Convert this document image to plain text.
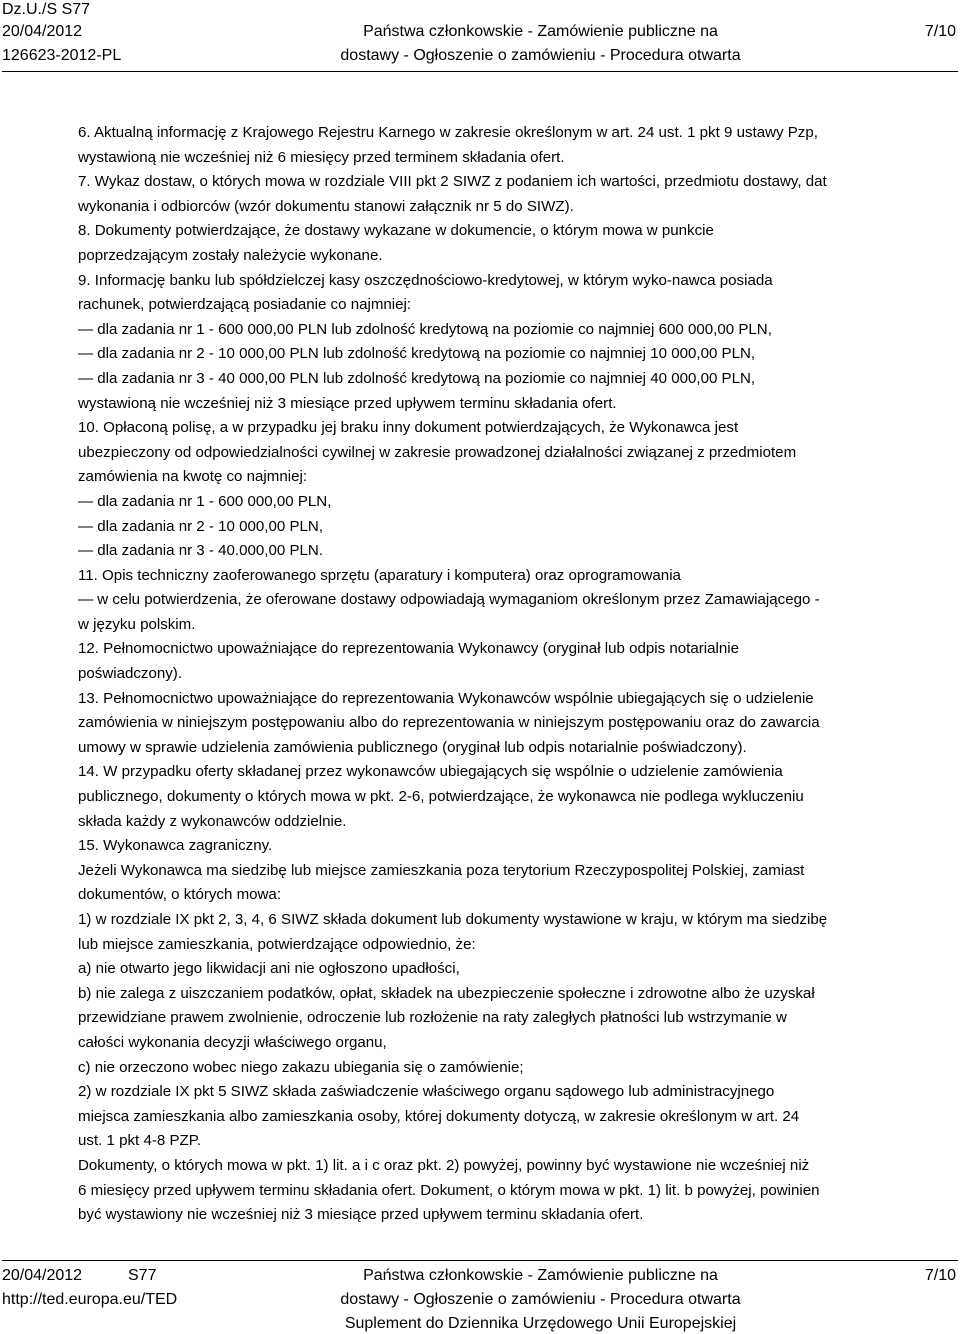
Dz.U./S S77
20/04/2012
126623-2012-PL
Państwa członkowskie - Zamówienie publiczne na
dostawy - Ogłoszenie o zamówieniu - Procedura otwarta
7/10
6. Aktualną informację z Krajowego Rejestru Karnego w zakresie określonym w art. 24 ust. 1 pkt 9 ustawy Pzp,
wystawioną nie wcześniej niż 6 miesięcy przed terminem składania ofert.
7. Wykaz dostaw, o których mowa w rozdziale VIII pkt 2 SIWZ z podaniem ich wartości, przedmiotu dostawy, dat
wykonania i odbiorców (wzór dokumentu stanowi załącznik nr 5 do SIWZ).
8. Dokumenty potwierdzające, że dostawy wykazane w dokumencie, o którym mowa w punkcie
poprzedzającym zostały należycie wykonane.
9. Informację banku lub spółdzielczej kasy oszczędnościowo-kredytowej, w którym wyko-nawca posiada
rachunek, potwierdzającą posiadanie co najmniej:
— dla zadania nr 1 - 600 000,00 PLN lub zdolność kredytową na poziomie co najmniej 600 000,00 PLN,
— dla zadania nr 2 - 10 000,00 PLN lub zdolność kredytową na poziomie co najmniej 10 000,00 PLN,
— dla zadania nr 3 - 40 000,00 PLN lub zdolność kredytową na poziomie co najmniej 40 000,00 PLN,
wystawioną nie wcześniej niż 3 miesiące przed upływem terminu składania ofert.
10. Opłaconą polisę, a w przypadku jej braku inny dokument potwierdzających, że Wykonawca jest
ubezpieczony od odpowiedzialności cywilnej w zakresie prowadzonej działalności związanej z przedmiotem
zamówienia na kwotę co najmniej:
— dla zadania nr 1 - 600 000,00 PLN,
— dla zadania nr 2 - 10 000,00 PLN,
— dla zadania nr 3 - 40.000,00 PLN.
11. Opis techniczny zaoferowanego sprzętu (aparatury i komputera) oraz oprogramowania
— w celu potwierdzenia, że oferowane dostawy odpowiadają wymaganiom określonym przez Zamawiającego -
w języku polskim.
12. Pełnomocnictwo upoważniające do reprezentowania Wykonawcy (oryginał lub odpis notarialnie
poświadczony).
13. Pełnomocnictwo upoważniające do reprezentowania Wykonawców wspólnie ubiegających się o udzielenie
zamówienia w niniejszym postępowaniu albo do reprezentowania w niniejszym postępowaniu oraz do zawarcia
umowy w sprawie udzielenia zamówienia publicznego (oryginał lub odpis notarialnie poświadczony).
14. W przypadku oferty składanej przez wykonawców ubiegających się wspólnie o udzielenie zamówienia
publicznego, dokumenty o których mowa w pkt. 2-6, potwierdzające, że wykonawca nie podlega wykluczeniu
składa każdy z wykonawców oddzielnie.
15. Wykonawca zagraniczny.
Jeżeli Wykonawca ma siedzibę lub miejsce zamieszkania poza terytorium Rzeczypospolitej Polskiej, zamiast
dokumentów, o których mowa:
1) w rozdziale IX pkt 2, 3, 4, 6 SIWZ składa dokument lub dokumenty wystawione w kraju, w którym ma siedzibę
lub miejsce zamieszkania, potwierdzające odpowiednio, że:
a) nie otwarto jego likwidacji ani nie ogłoszono upadłości,
b) nie zalega z uiszczaniem podatków, opłat, składek na ubezpieczenie społeczne i zdrowotne albo że uzyskał
przewidziane prawem zwolnienie, odroczenie lub rozłożenie na raty zaległych płatności lub wstrzymanie w
całości wykonania decyzji właściwego organu,
c) nie orzeczono wobec niego zakazu ubiegania się o zamówienie;
2) w rozdziale IX pkt 5 SIWZ składa zaświadczenie właściwego organu sądowego lub administracyjnego
miejsca zamieszkania albo zamieszkania osoby, której dokumenty dotyczą, w zakresie określonym w art. 24
ust. 1 pkt 4-8 PZP.
Dokumenty, o których mowa w pkt. 1) lit. a i c oraz pkt. 2) powyżej, powinny być wystawione nie wcześniej niż
6 miesięcy przed upływem terminu składania ofert. Dokument, o którym mowa w pkt. 1) lit. b powyżej, powinien
być wystawiony nie wcześniej niż 3 miesiące przed upływem terminu składania ofert.
20/04/2012	S77
http://ted.europa.eu/TED
Państwa członkowskie - Zamówienie publiczne na
dostawy - Ogłoszenie o zamówieniu - Procedura otwarta
Suplement do Dziennika Urzędowego Unii Europejskiej
7/10
